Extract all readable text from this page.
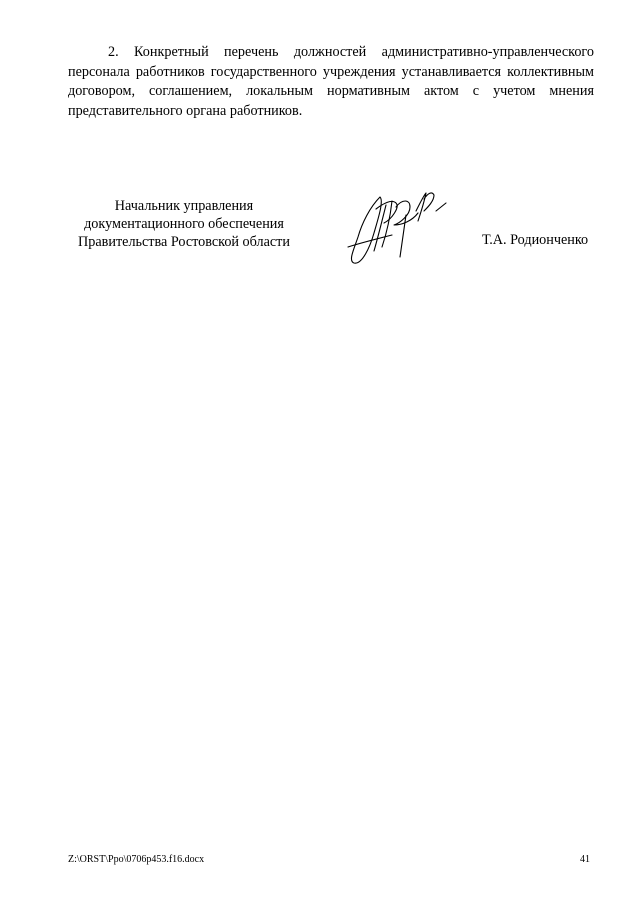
2. Конкретный перечень должностей административно-управленческого персонала работников государственного учреждения устанавливается коллективным договором, соглашением, локальным нормативным актом с учетом мнения представительного органа работников.

Начальник управления
документационного обеспечения
Правительства Ростовской области	Т.А. Родионченко
Z:\ORST\Ppo\0706p453.f16.docx	41
